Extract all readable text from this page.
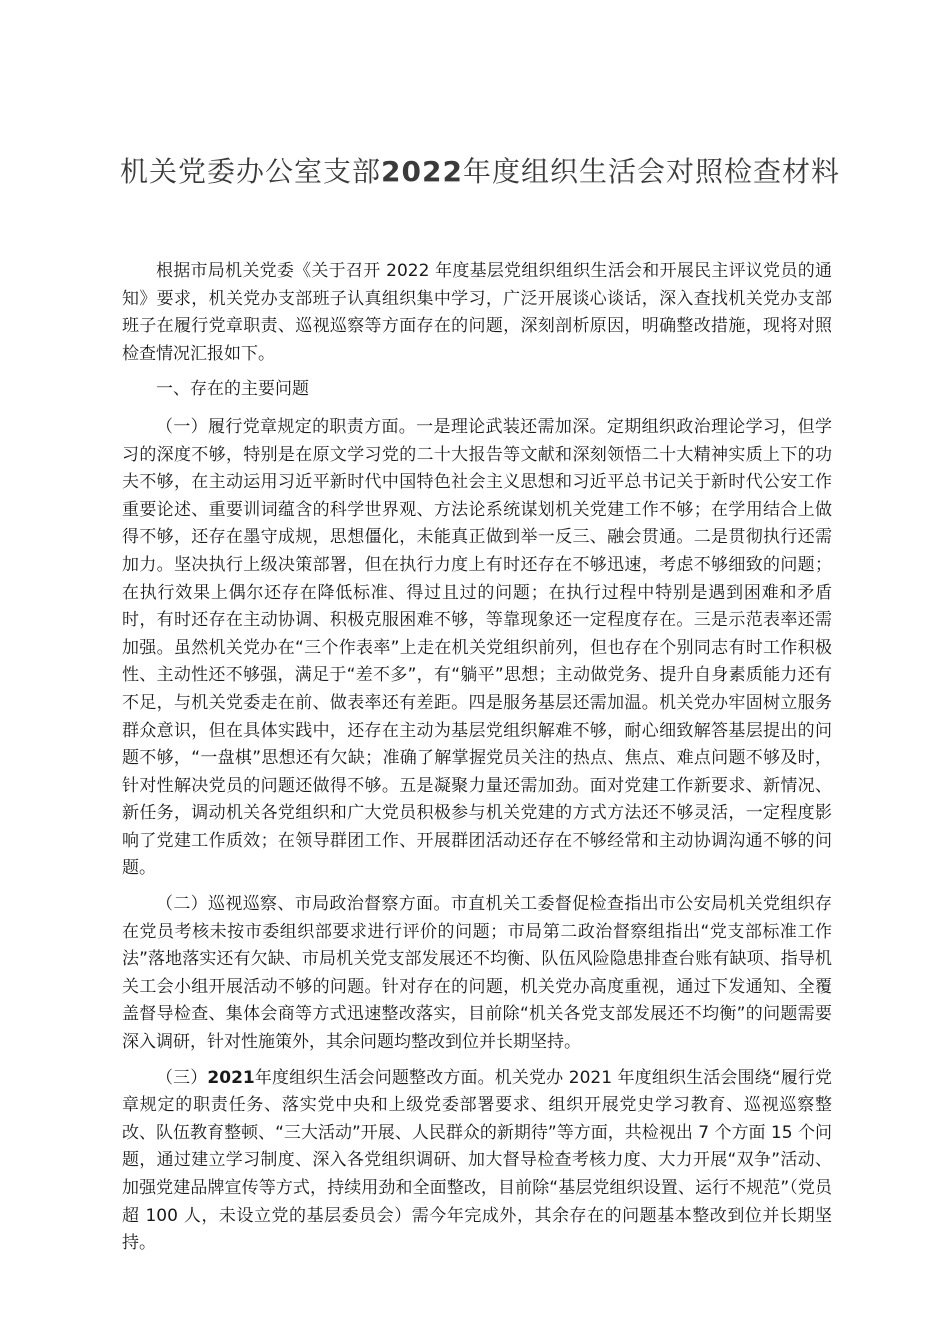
机关党委办公室支部2022年度组织生活会对照检查材料

根据市局机关党委《关于召开 2022 年度基层党组织组织生活会和开展民主评议党员的通知》要求，机关党办支部班子认真组织集中学习，广泛开展谈心谈话，深入查找机关党办支部班子在履行党章职责、巡视巡察等方面存在的问题，深刻剖析原因，明确整改措施，现将对照检查情况汇报如下。

一、存在的主要问题

（一）履行党章规定的职责方面。一是理论武装还需加深。定期组织政治理论学习，但学习的深度不够，特别是在原文学习党的二十大报告等文献和深刻领悟二十大精神实质上下的功夫不够，在主动运用习近平新时代中国特色社会主义思想和习近平总书记关于新时代公安工作重要论述、重要训词蕴含的科学世界观、方法论系统谋划机关党建工作不够；在学用结合上做得不够，还存在墨守成规，思想僵化，未能真正做到举一反三、融会贯通。二是贯彻执行还需加力。坚决执行上级决策部署，但在执行力度上有时还存在不够迅速，考虑不够细致的问题；在执行效果上偶尔还存在降低标准、得过且过的问题；在执行过程中特别是遇到困难和矛盾时，有时还存在主动协调、积极克服困难不够，等靠现象还一定程度存在。三是示范表率还需加强。虽然机关党办在“三个作表率”上走在机关党组织前列，但也存在个别同志有时工作积极性、主动性还不够强，满足于“差不多”，有“躺平”思想；主动做党务、提升自身素质能力还有不足，与机关党委走在前、做表率还有差距。四是服务基层还需加温。机关党办牢固树立服务群众意识，但在具体实践中，还存在主动为基层党组织解难不够，耐心细致解答基层提出的问题不够，“一盘棋”思想还有欠缺；准确了解掌握党员关注的热点、焦点、难点问题不够及时，针对性解决党员的问题还做得不够。五是凝聚力量还需加劲。面对党建工作新要求、新情况、新任务，调动机关各党组织和广大党员积极参与机关党建的方式方法还不够灵活，一定程度影响了党建工作质效；在领导群团工作、开展群团活动还存在不够经常和主动协调沟通不够的问题。

（二）巡视巡察、市局政治督察方面。市直机关工委督促检查指出市公安局机关党组织存在党员考核未按市委组织部要求进行评价的问题；市局第二政治督察组指出“党支部标准工作法”落地落实还有欠缺、市局机关党支部发展还不均衡、队伍风险隐患排查台账有缺项、指导机关工会小组开展活动不够的问题。针对存在的问题，机关党办高度重视，通过下发通知、全覆盖督导检查、集体会商等方式迅速整改落实，目前除“机关各党支部发展还不均衡”的问题需要深入调研，针对性施策外，其余问题均整改到位并长期坚持。

（三）2021年度组织生活会问题整改方面。机关党办 2021 年度组织生活会围绕“履行党章规定的职责任务、落实党中央和上级党委部署要求、组织开展党史学习教育、巡视巡察整改、队伍教育整顿、“三大活动”开展、人民群众的新期待”等方面，共检视出 7 个方面 15 个问题，通过建立学习制度、深入各党组织调研、加大督导检查考核力度、大力开展“双争”活动、加强党建品牌宣传等方式，持续用劲和全面整改，目前除“基层党组织设置、运行不规范”（党员超 100 人，未设立党的基层委员会）需今年完成外，其余存在的问题基本整改到位并长期坚持。
